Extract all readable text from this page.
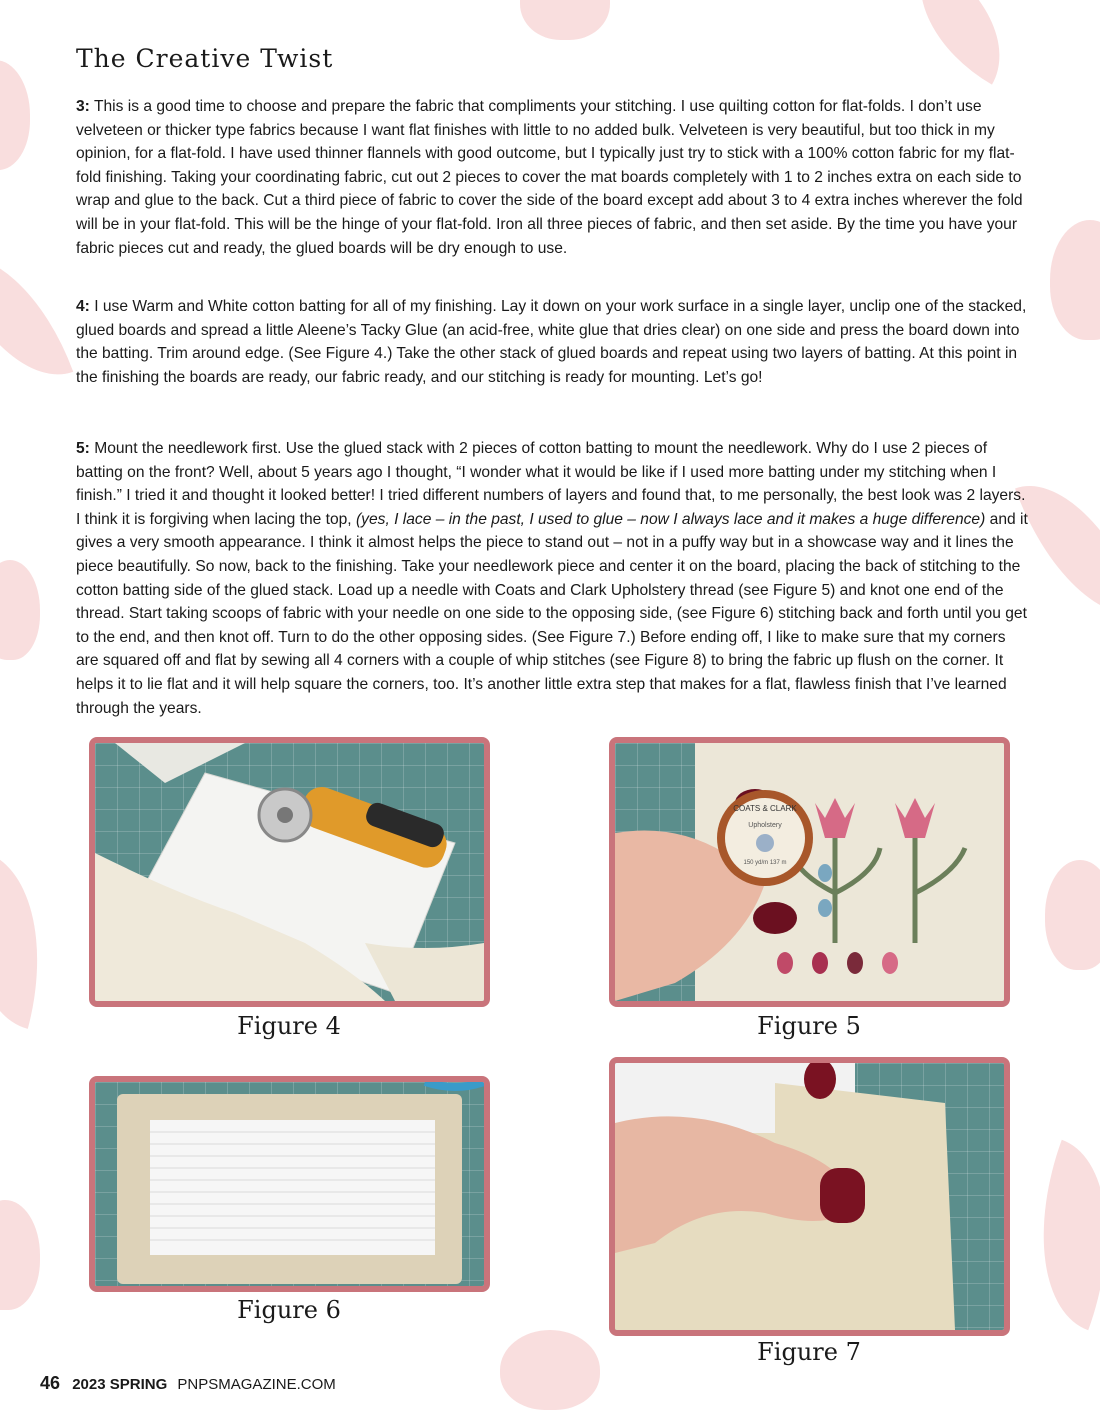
The Creative Twist
3: This is a good time to choose and prepare the fabric that compliments your stitching. I use quilting cotton for flat-folds. I don’t use velveteen or thicker type fabrics because I want flat finishes with little to no added bulk. Velveteen is very beautiful, but too thick in my opinion, for a flat-fold. I have used thinner flannels with good outcome, but I typically just try to stick with a 100% cotton fabric for my flat-fold finishing. Taking your coordinating fabric, cut out 2 pieces to cover the mat boards completely with 1 to 2 inches extra on each side to wrap and glue to the back. Cut a third piece of fabric to cover the side of the board except add about 3 to 4 extra inches wherever the fold will be in your flat-fold. This will be the hinge of your flat-fold. Iron all three pieces of fabric, and then set aside. By the time you have your fabric pieces cut and ready, the glued boards will be dry enough to use.
4: I use Warm and White cotton batting for all of my finishing. Lay it down on your work surface in a single layer, unclip one of the stacked, glued boards and spread a little Aleene’s Tacky Glue (an acid-free, white glue that dries clear) on one side and press the board down into the batting. Trim around edge. (See Figure 4.) Take the other stack of glued boards and repeat using two layers of batting. At this point in the finishing the boards are ready, our fabric ready, and our stitching is ready for mounting. Let’s go!
5: Mount the needlework first. Use the glued stack with 2 pieces of cotton batting to mount the needlework. Why do I use 2 pieces of batting on the front? Well, about 5 years ago I thought, “I wonder what it would be like if I used more batting under my stitching when I finish.” I tried it and thought it looked better! I tried different numbers of layers and found that, to me personally, the best look was 2 layers. I think it is forgiving when lacing the top, (yes, I lace – in the past, I used to glue – now I always lace and it makes a huge difference) and it gives a very smooth appearance. I think it almost helps the piece to stand out – not in a puffy way but in a showcase way and it lines the piece beautifully. So now, back to the finishing. Take your needlework piece and center it on the board, placing the back of stitching to the cotton batting side of the glued stack. Load up a needle with Coats and Clark Upholstery thread (see Figure 5) and knot one end of the thread. Start taking scoops of fabric with your needle on one side to the opposing side, (see Figure 6) stitching back and forth until you get to the end, and then knot off. Turn to do the other opposing sides. (See Figure 7.) Before ending off, I like to make sure that my corners are squared off and flat by sewing all 4 corners with a couple of whip stitches (see Figure 8) to bring the fabric up flush on the corner. It helps it to lie flat and it will help square the corners, too. It’s another little extra step that makes for a flat, flawless finish that I’ve learned through the years.
Figure 4
COATS & CLARK
Upholstery
150 yd/m 137 m
Figure 5
Figure 6
Figure 7
46 2023 SPRING PNPSMAGAZINE.COM
